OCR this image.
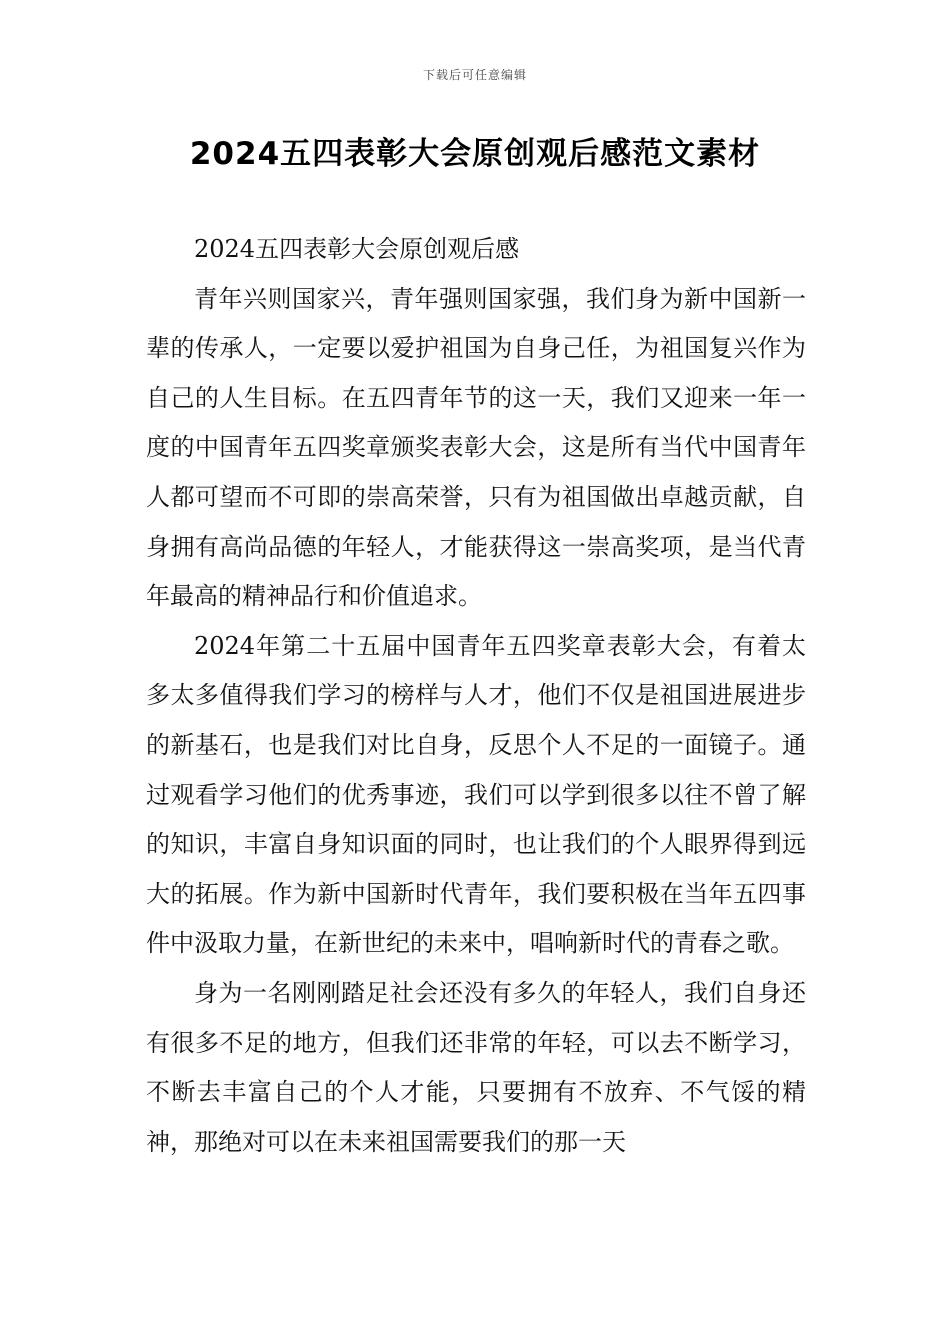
下载后可任意编辑
2024五四表彰大会原创观后感范文素材

2024五四表彰大会原创观后感

青年兴则国家兴，青年强则国家强，我们身为新中国新一辈的传承人，一定要以爱护祖国为自身己任，为祖国复兴作为自己的人生目标。在五四青年节的这一天，我们又迎来一年一度的中国青年五四奖章颁奖表彰大会，这是所有当代中国青年人都可望而不可即的崇高荣誉，只有为祖国做出卓越贡献，自身拥有高尚品德的年轻人，才能获得这一崇高奖项，是当代青年最高的精神品行和价值追求。

2024年第二十五届中国青年五四奖章表彰大会，有着太多太多值得我们学习的榜样与人才，他们不仅是祖国进展进步的新基石，也是我们对比自身，反思个人不足的一面镜子。通过观看学习他们的优秀事迹，我们可以学到很多以往不曾了解的知识，丰富自身知识面的同时，也让我们的个人眼界得到远大的拓展。作为新中国新时代青年，我们要积极在当年五四事件中汲取力量，在新世纪的未来中，唱响新时代的青春之歌。

身为一名刚刚踏足社会还没有多久的年轻人，我们自身还有很多不足的地方，但我们还非常的年轻，可以去不断学习，不断去丰富自己的个人才能，只要拥有不放弃、不气馁的精神，那绝对可以在未来祖国需要我们的那一天
